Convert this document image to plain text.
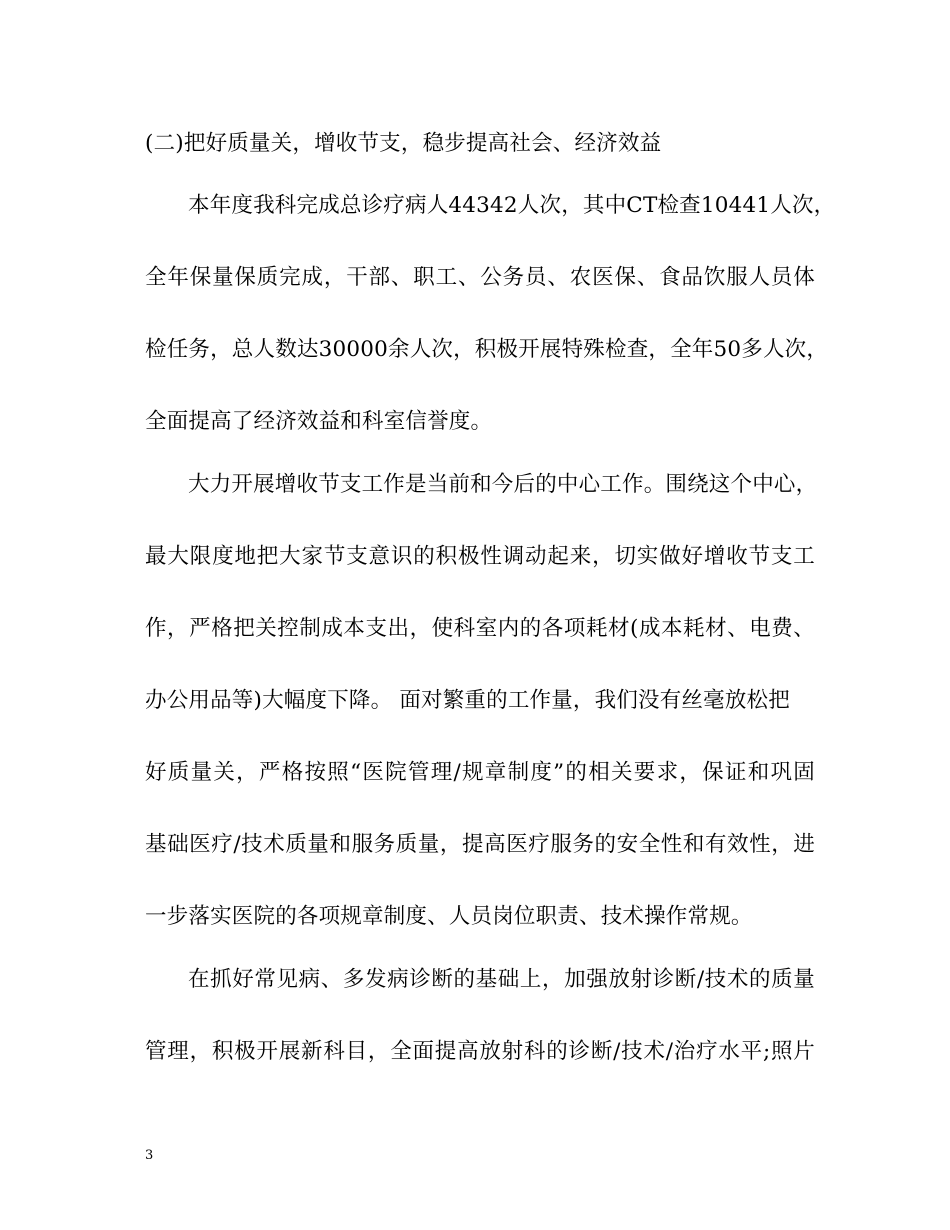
(二)把好质量关，增收节支，稳步提高社会、经济效益
本年度我科完成总诊疗病人44342人次，其中CT检查10441人次，
全年保量保质完成，干部、职工、公务员、农医保、食品饮服人员体
检任务，总人数达30000余人次，积极开展特殊检查，全年50多人次，
全面提高了经济效益和科室信誉度。
大力开展增收节支工作是当前和今后的中心工作。围绕这个中心，
最大限度地把大家节支意识的积极性调动起来，切实做好增收节支工
作，严格把关控制成本支出，使科室内的各项耗材(成本耗材、电费、
办公用品等)大幅度下降。 面对繁重的工作量，我们没有丝毫放松把
好质量关，严格按照“医院管理/规章制度”的相关要求，保证和巩固
基础医疗/技术质量和服务质量，提高医疗服务的安全性和有效性，进
一步落实医院的各项规章制度、人员岗位职责、技术操作常规。
在抓好常见病、多发病诊断的基础上，加强放射诊断/技术的质量
管理，积极开展新科目，全面提高放射科的诊断/技术/治疗水平;照片
3
